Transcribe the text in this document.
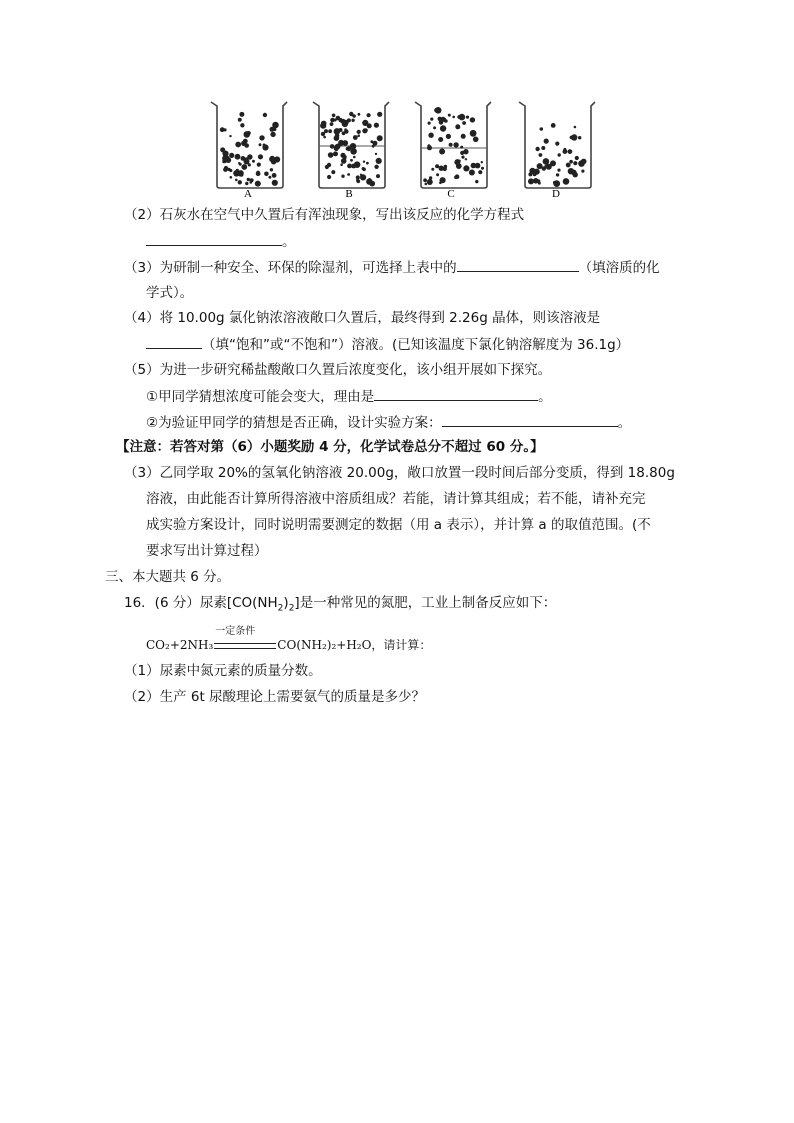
A	B	C	D
（2）石灰水在空气中久置后有浑浊现象，写出该反应的化学方程式
。
（3）为研制一种安全、环保的除湿剂，可选择上表中的	（填溶质的化
学式）。
（4）将 10.00g 氯化钠浓溶液敞口久置后，最终得到 2.26g 晶体，则该溶液是
（填“饱和”或“不饱和”）溶液。(已知该温度下氯化钠溶解度为 36.1g）
（5）为进一步研究稀盐酸敞口久置后浓度变化，该小组开展如下探究。
①甲同学猜想浓度可能会变大，理由是	。
②为验证甲同学的猜想是否正确，设计实验方案：	。
【注意：若答对第（6）小题奖励 4 分，化学试卷总分不超过 60 分。】
（3）乙同学取 20%的氢氧化钠溶液 20.00g，敞口放置一段时间后部分变质，得到 18.80g
溶液，由此能否计算所得溶液中溶质组成？若能，请计算其组成；若不能，请补充完
成实验方案设计，同时说明需要测定的数据（用 a 表示），并计算 a 的取值范围。(不
要求写出计算过程）
三、本大题共 6 分。
16．(6 分）尿素$[CO(NH_2)_2]$是一种常见的氮肥，工业上制备反应如下：
CO₂+2NH₃
一定条件
CO(NH₂)₂+H₂O，请计算：
（1）尿素中氮元素的质量分数。
（2）生产 6t 尿酸理论上需要氨气的质量是多少？
